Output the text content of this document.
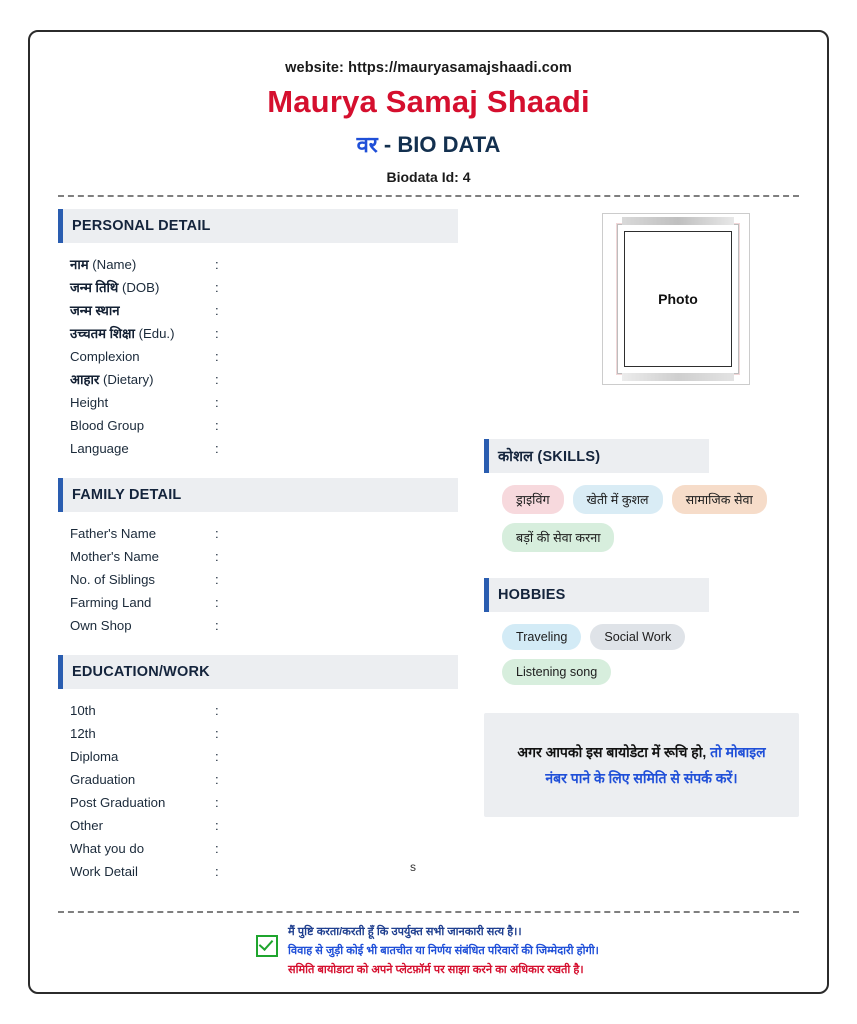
website: https://mauryasamajshaadi.com
Maurya Samaj Shaadi
वर - BIO DATA
Biodata Id: 4
PERSONAL DETAIL
नाम (Name)	:
जन्म तिथि (DOB)	:
जन्म स्थान	:
उच्चतम शिक्षा (Edu.)	:
Complexion	:
आहार (Dietary)	:
Height	:
Blood Group	:
Language	:
FAMILY DETAIL
Father's Name	:
Mother's Name	:
No. of Siblings	:
Farming Land	:
Own Shop	:
EDUCATION/WORK
10th	:
12th	:
Diploma	:
Graduation	:
Post Graduation	:
Other	:
What you do	:
Work Detail	:
Photo
कोशल (SKILLS)
ड्राइविंग	खेती में कुशल	सामाजिक सेवा
बड़ों की सेवा करना
HOBBIES
Traveling	Social Work
Listening song
अगर आपको इस बायोडेटा में रूचि हो, तो मोबाइल
नंबर पाने के लिए समिति से संपर्क करें।
s
मैं पुष्टि करता/करती हूँ कि उपर्युक्त सभी जानकारी सत्य है।।
विवाह से जुड़ी कोई भी बातचीत या निर्णय संबंधित परिवारों की जिम्मेदारी होगी।
समिति बायोडाटा को अपने प्लेटफ़ॉर्म पर साझा करने का अधिकार रखती है।
